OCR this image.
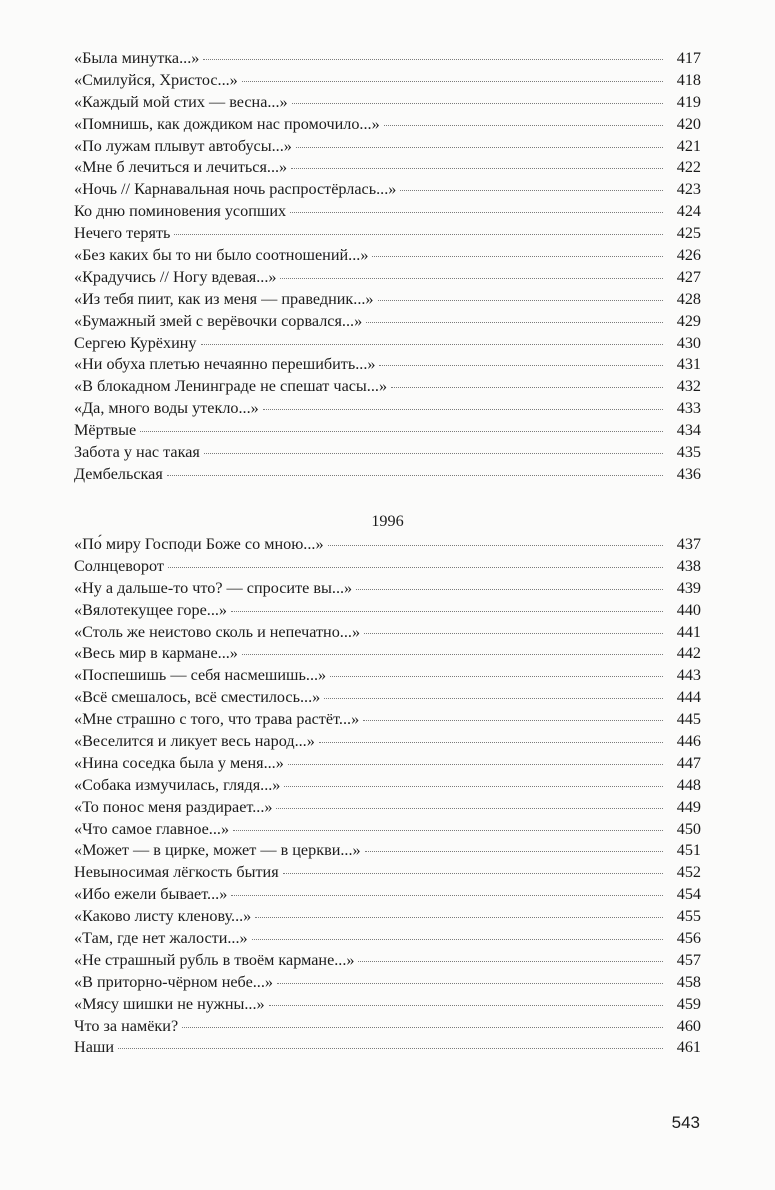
«Была минутка...»	417
«Смилуйся, Христос...»	418
«Каждый мой стих — весна...»	419
«Помнишь, как дождиком нас промочило...»	420
«По лужам плывут автобусы...»	421
«Мне б лечиться и лечиться...»	422
«Ночь // Карнавальная ночь распростёрлась...»	423
Ко дню поминовения усопших	424
Нечего терять	425
«Без каких бы то ни было соотношений...»	426
«Крадучись // Ногу вдевая...»	427
«Из тебя пиит, как из меня — праведник...»	428
«Бумажный змей с верёвочки сорвался...»	429
Сергею Курёхину	430
«Ни обуха плетью нечаянно перешибить...»	431
«В блокадном Ленинграде не спешат часы...»	432
«Да, много воды утекло...»	433
Мёртвые	434
Забота у нас такая	435
Дембельская	436
1996
«По́ миру Господи Боже со мною...»	437
Солнцеворот	438
«Ну а дальше-то что? — спросите вы...»	439
«Вялотекущее горе...»	440
«Столь же неистово сколь и непечатно...»	441
«Весь мир в кармане...»	442
«Поспешишь — себя насмешишь...»	443
«Всё смешалось, всё сместилось...»	444
«Мне страшно с того, что трава растёт...»	445
«Веселится и ликует весь народ...»	446
«Нина соседка была у меня...»	447
«Собака измучилась, глядя...»	448
«То понос меня раздирает...»	449
«Что самое главное...»	450
«Может — в цирке, может — в церкви...»	451
Невыносимая лёгкость бытия	452
«Ибо ежели бывает...»	454
«Каково листу кленову...»	455
«Там, где нет жалости...»	456
«Не страшный рубль в твоём кармане...»	457
«В приторно-чёрном небе...»	458
«Мясу шишки не нужны...»	459
Что за намёки?	460
Наши	461
543
